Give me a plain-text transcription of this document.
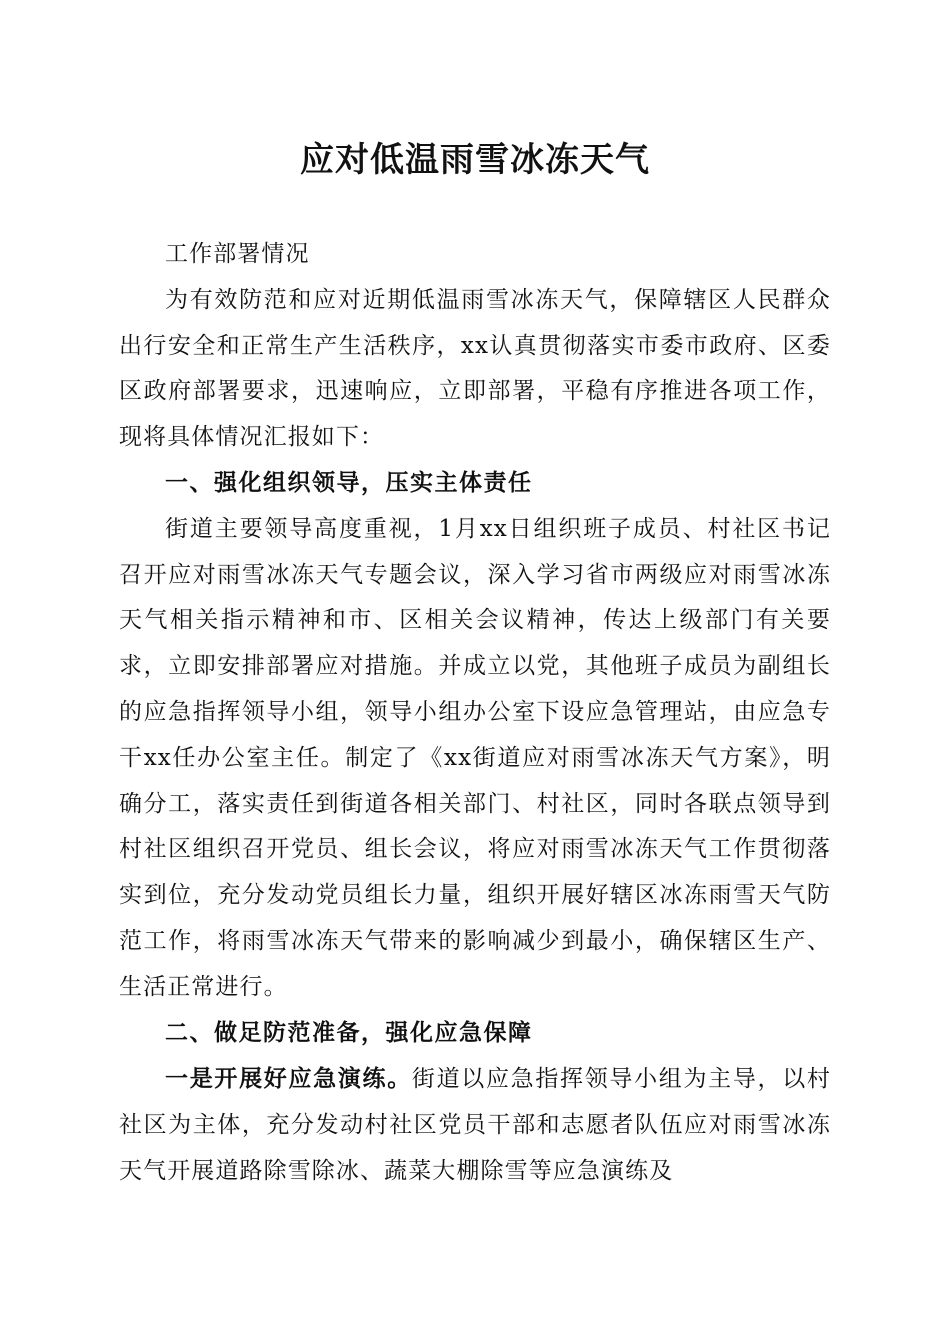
应对低温雨雪冰冻天气

工作部署情况

为有效防范和应对近期低温雨雪冰冻天气，保障辖区人民群众出行安全和正常生产生活秩序，xx认真贯彻落实市委市政府、区委区政府部署要求，迅速响应，立即部署，平稳有序推进各项工作，现将具体情况汇报如下：

一、强化组织领导，压实主体责任

街道主要领导高度重视，1月xx日组织班子成员、村社区书记召开应对雨雪冰冻天气专题会议，深入学习省市两级应对雨雪冰冻天气相关指示精神和市、区相关会议精神，传达上级部门有关要求，立即安排部署应对措施。并成立以党，其他班子成员为副组长的应急指挥领导小组，领导小组办公室下设应急管理站，由应急专干xx任办公室主任。制定了《xx街道应对雨雪冰冻天气方案》，明确分工，落实责任到街道各相关部门、村社区，同时各联点领导到村社区组织召开党员、组长会议，将应对雨雪冰冻天气工作贯彻落实到位，充分发动党员组长力量，组织开展好辖区冰冻雨雪天气防范工作，将雨雪冰冻天气带来的影响减少到最小，确保辖区生产、生活正常进行。

二、做足防范准备，强化应急保障

一是开展好应急演练。街道以应急指挥领导小组为主导，以村社区为主体，充分发动村社区党员干部和志愿者队伍应对雨雪冰冻天气开展道路除雪除冰、蔬菜大棚除雪等应急演练及
